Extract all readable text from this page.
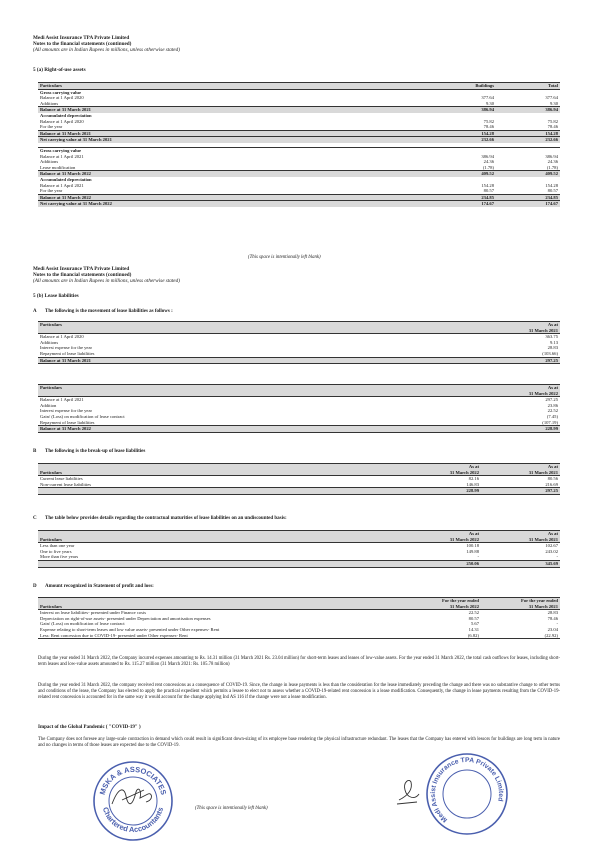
Medi Assist Insurance TPA Private Limited
Notes to the financial statements (continued)
(All amounts are in Indian Rupees in millions, unless otherwise stated)
5 (a) Right-of-use assets
Particulars	Buildings	Total
Gross carrying value		
Balance at 1 April 2020	377.64	377.64
Additions	9.30	9.30
Balance at 31 March 2021	386.94	386.94
Accumulated depreciation		
Balance at 1 April 2020	75.82	75.82
For the year	78.46	78.46
Balance at 31 March 2021	154.28	154.28
Net carrying value at 31 March 2021	232.66	232.66

Gross carrying value		
Balance at 1 April 2021	386.94	386.94
Additions	24.36	24.36
Lease modification	(1.78)	(1.78)
Balance at 31 March 2022	409.52	409.52
Accumulated depreciation		
Balance at 1 April 2021	154.28	154.28
For the year	80.57	80.57
Balance at 31 March 2022	234.85	234.85
Net carrying value at 31 March 2022	174.67	174.67
(This space is intentionally left blank)
Medi Assist Insurance TPA Private Limited
Notes to the financial statements (continued)
(All amounts are in Indian Rupees in millions, unless otherwise stated)
5 (b) Lease liabilities
A The following is the movement of lease liabilities as follows :
Particulars	As at
	31 March 2021
Balance at 1 April 2020	363.75
Additions	9.13
Interest expense for the year	28.83
Repayment of lease liabilities	(103.66)
Balance at 31 March 2021	297.25
Particulars	As at
	31 March 2022
Balance at 1 April 2021	297.25
Addition	23.86
Interest expense for the year	22.52
Gain/ (Loss) on modification of lease contract	(7.45)
Repayment of lease liabilities	(107.19)
Balance at 31 March 2022	228.99
B The following is the break-up of lease liabilities
	As at	As at
Particulars	31 March 2022	31 March 2021
Current lease liabilities	82.16	80.56
Non-current lease liabilities	146.83	216.69
	228.99	297.25
C The table below provides details regarding the contractual maturities of lease liabilities on an undiscounted basis:
	As at	As at
Particulars	31 March 2022	31 March 2021
Less than one year	100.18	102.67
One to five years	149.88	243.02
More than five years	-	-
	250.06	345.69
D Amount recognized in Statement of profit and loss:
	For the year ended	For the year ended
Particulars	31 March 2022	31 March 2021
Interest on lease liabilities- presented under Finance costs	22.52	28.83
Depreciation on right-of-use assets- presented under Depreciation and amortisation expenses	80.57	78.46
Gain/ (Loss) on modification of lease contract	5.67	-
Expense relating to short-term leases and low value assets- presented under Other expenses- Rent	14.31	23.04
Less: Rent concession due to COVID-19- presented under Other expenses- Rent	(6.82)	(22.92)
During the year ended 31 March 2022, the Company incurred expenses amounting to Rs. 14.31 million (31 March 2021 Rs. 23.04 million) for short-term leases and leases of low-value assets. For the year ended 31 March 2022, the total cash outflows for leases, including short-term leases and low-value assets amounted to Rs. 115.27 million (31 March 2021: Rs. 105.78 million)
During the year ended 31 March 2022, the company received rent concessions as a consequence of COVID-19. Since, the change in lease payments is less than the consideration for the lease immediately preceding the change and there was no substantive change to other terms and conditions of the lease, the Company has elected to apply the practical expedient which permits a lessee to elect not to assess whether a COVID-19-related rent concession is a lease modification. Consequently, the change in lease payments resulting from the COVID-19-related rent concession is accounted for in the same way it would account for the change applying Ind AS 116 if the change were not a lease modification.
Impact of the Global Pandemic ( "COVID-19" )
The Company does not foresee any large-scale contraction in demand which could result in significant down-sizing of its employee base rendering the physical infrastructure redundant. The leases that the Company has entered with lessors for buildings are long term in nature and no changes in terms of those leases are expected due to the COVID-19.
MSKA & ASSOCIATES
Chartered Accountants	(This space is intentionally left blank)
Medi Assist Insurance TPA Private Limited
